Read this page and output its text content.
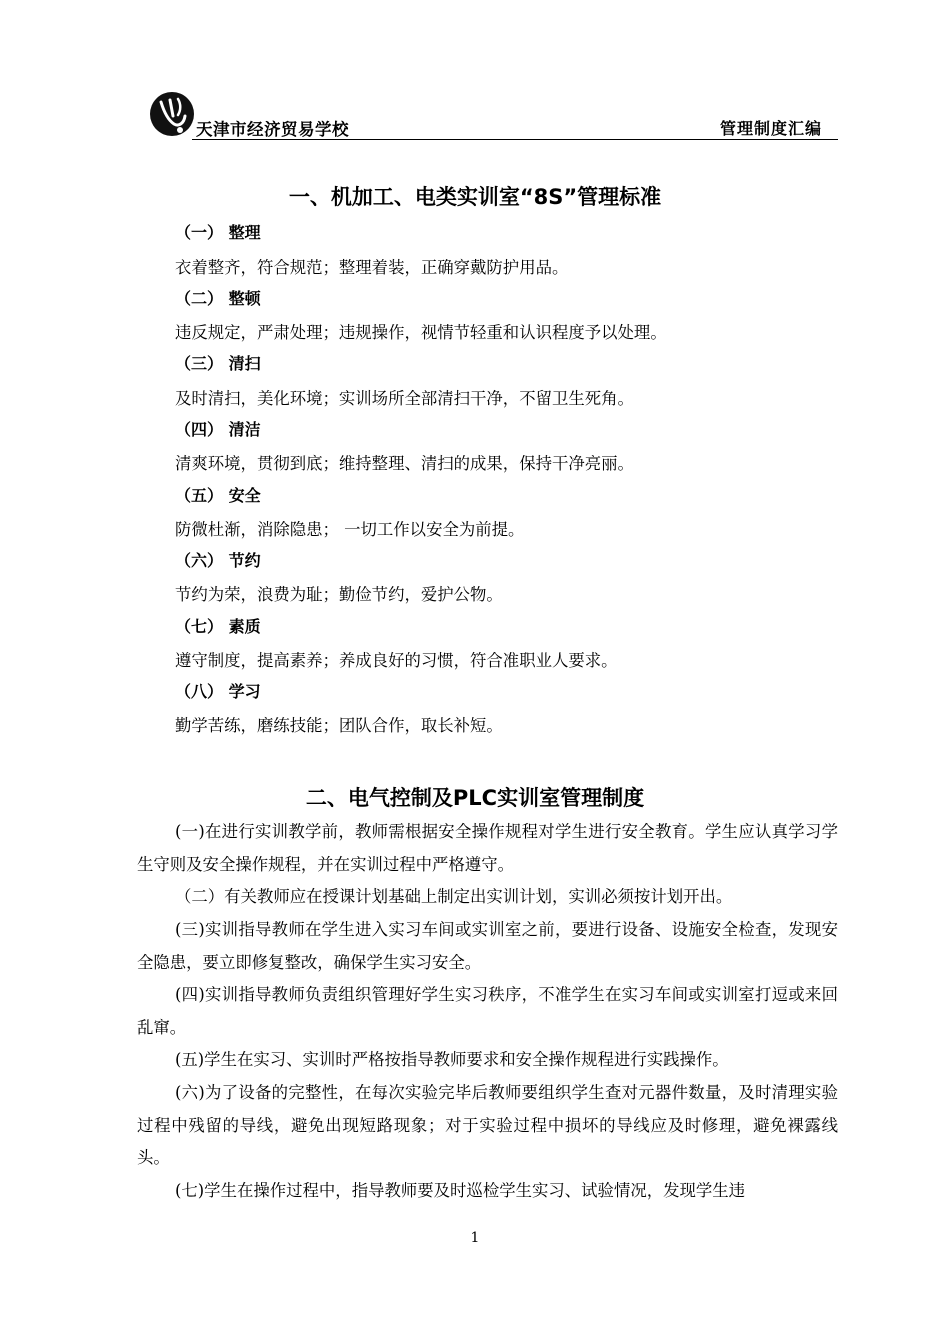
天津市经济贸易学校	管理制度汇编
一、机加工、电类实训室“8S”管理标准
（一） 整理
衣着整齐，符合规范；整理着装，正确穿戴防护用品。
（二） 整顿
违反规定，严肃处理；违规操作，视情节轻重和认识程度予以处理。
（三） 清扫
及时清扫，美化环境；实训场所全部清扫干净，不留卫生死角。
（四） 清洁
清爽环境，贯彻到底；维持整理、清扫的成果，保持干净亮丽。
（五） 安全
防微杜渐，消除隐患； 一切工作以安全为前提。
（六） 节约
节约为荣，浪费为耻；勤俭节约，爱护公物。
（七） 素质
遵守制度，提高素养；养成良好的习惯，符合准职业人要求。
（八） 学习
勤学苦练，磨练技能；团队合作，取长补短。
二、电气控制及PLC实训室管理制度

(一)在进行实训教学前，教师需根据安全操作规程对学生进行安全教育。学生应认真学习学生守则及安全操作规程，并在实训过程中严格遵守。

（二）有关教师应在授课计划基础上制定出实训计划，实训必须按计划开出。

(三)实训指导教师在学生进入实习车间或实训室之前，要进行设备、设施安全检查，发现安全隐患，要立即修复整改，确保学生实习安全。

(四)实训指导教师负责组织管理好学生实习秩序，不准学生在实习车间或实训室打逗或来回乱窜。

(五)学生在实习、实训时严格按指导教师要求和安全操作规程进行实践操作。

(六)为了设备的完整性，在每次实验完毕后教师要组织学生查对元器件数量，及时清理实验过程中残留的导线，避免出现短路现象；对于实验过程中损坏的导线应及时修理，避免裸露线头。

(七)学生在操作过程中，指导教师要及时巡检学生实习、试验情况，发现学生违

1
